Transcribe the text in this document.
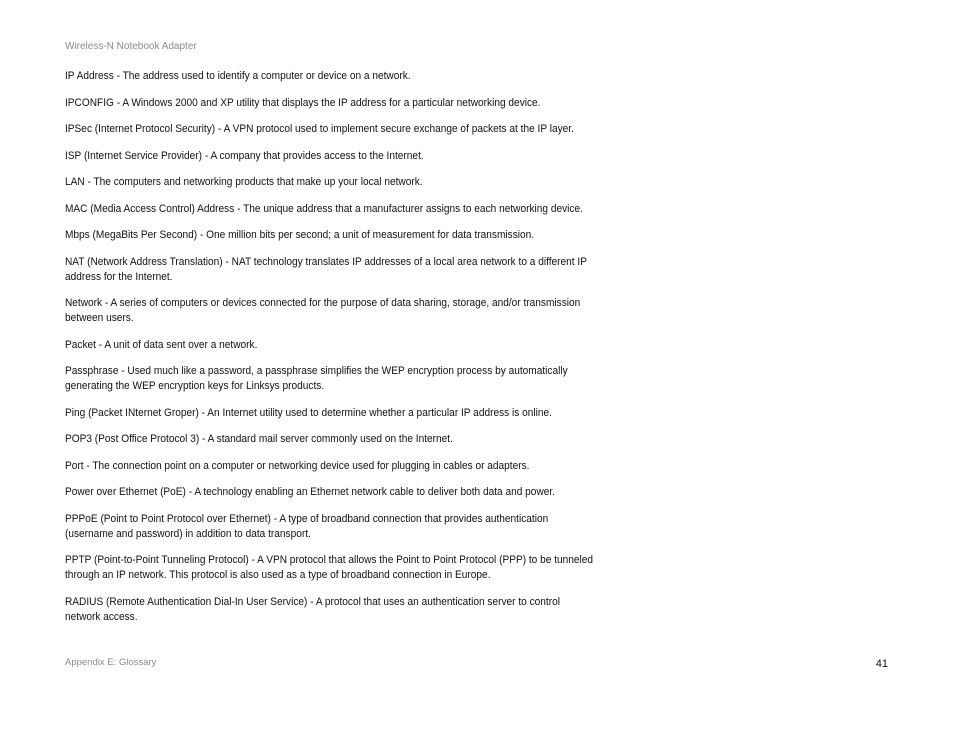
Wireless-N Notebook Adapter

IP Address - The address used to identify a computer or device on a network.

IPCONFIG - A Windows 2000 and XP utility that displays the IP address for a particular networking device.

IPSec (Internet Protocol Security) - A VPN protocol used to implement secure exchange of packets at the IP layer.

ISP (Internet Service Provider) - A company that provides access to the Internet.

LAN - The computers and networking products that make up your local network.

MAC (Media Access Control) Address - The unique address that a manufacturer assigns to each networking device.

Mbps (MegaBits Per Second) - One million bits per second; a unit of measurement for data transmission.

NAT (Network Address Translation) - NAT technology translates IP addresses of a local area network to a different IP address for the Internet.

Network - A series of computers or devices connected for the purpose of data sharing, storage, and/or transmission between users.

Packet - A unit of data sent over a network.

Passphrase - Used much like a password, a passphrase simplifies the WEP encryption process by automatically generating the WEP encryption keys for Linksys products.

Ping (Packet INternet Groper) - An Internet utility used to determine whether a particular IP address is online.

POP3 (Post Office Protocol 3) - A standard mail server commonly used on the Internet.

Port - The connection point on a computer or networking device used for plugging in cables or adapters.

Power over Ethernet (PoE) - A technology enabling an Ethernet network cable to deliver both data and power.

PPPoE (Point to Point Protocol over Ethernet) - A type of broadband connection that provides authentication (username and password) in addition to data transport.

PPTP (Point-to-Point Tunneling Protocol) - A VPN protocol that allows the Point to Point Protocol (PPP) to be tunneled through an IP network. This protocol is also used as a type of broadband connection in Europe.

RADIUS (Remote Authentication Dial-In User Service) - A protocol that uses an authentication server to control network access.

Appendix E: Glossary	41
